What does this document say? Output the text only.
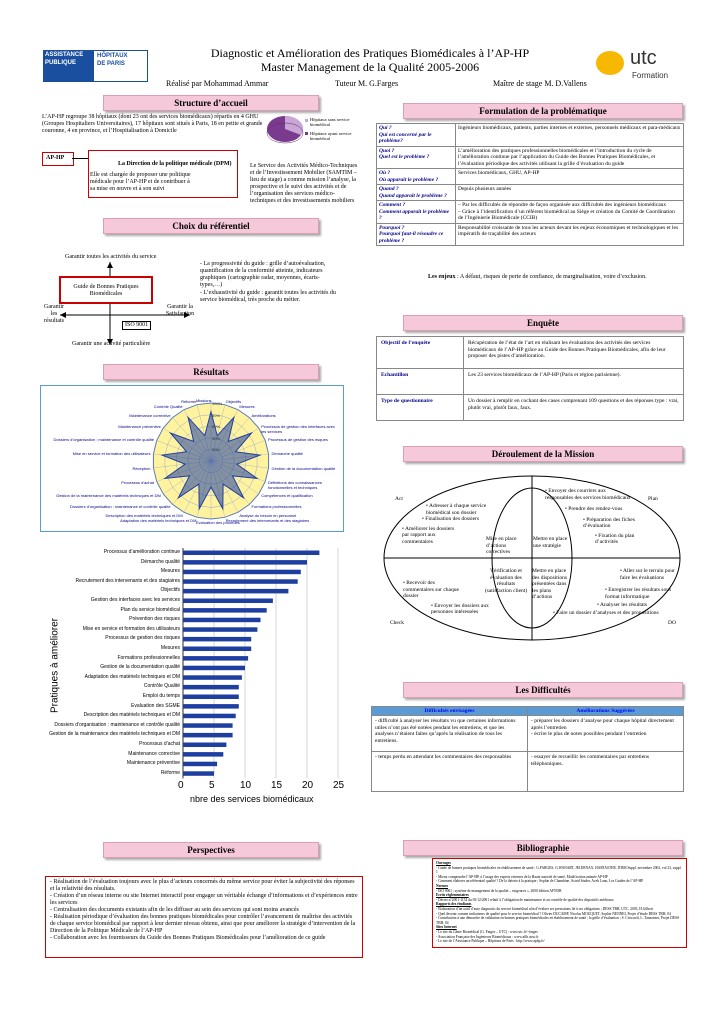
ASSISTANCE
PUBLIQUE
HÔPITAUX
DE PARIS	utc
Formation
Diagnostic et Amélioration des Pratiques Biomédicales à l’AP-HP
Master Management de la Qualité 2005-2006
Réalisé par Mohammad Ammar	Tuteur M. G.Farges	Maître de stage M. D.Vallens
Structure d’accueil
L’AP-HP regroupe 38 hôpitaux (dont 23 ont des services biomédicaux) répartis en 4 GHU (Groupes Hospitaliers Universitaires), 17 hôpitaux sont situés à Paris, 18 en petite et grande couronne, 4 en province, et l’Hospitalisation à Domicile
Hôpitaux sans service biomédical
Hôpitaux ayant service biomédical
AP-HP
La Direction de la politique médicale (DPM)
Elle est chargée de proposer une politique médicale pour l’AP-HP et de contribuer à sa mise en œuvre et à son suivi
Le Service des Activités Médico-Techniques et de l’Investissement Mobilier (SAMTIM – lieu de stage) a comme mission l’analyse, la prospective et le suivi des activités et de l’organisation des services médico-techniques et des investissements mobiliers
Choix du référentiel
Garantir toutes les activités du service
Guide de Bonnes Pratiques Biomédicales
Garantir les résultats
Garantir la Satisfaction
Garantir une activité particulière
ISO 9001
- La progressivité du guide : grille d’autoévaluation, quantification de la conformité atteinte, indicateurs graphiques (cartographie radar, moyennes, écarts-types,…)
- L’exhaustivité du guide : garantit toutes les activités du service biomédical, très proche du métier.
Résultats
20%
40%
60%
80%
100%
Missions	Objectifs
Mesures
Améliorations
Processus de gestion des interfaces avec les services
Processus de gestion des risques
Démarche qualité
Gestion de la documentation qualité
Définitions des connaissances fonctionnelles et techniques
Compétences et qualification
Formations professionnelles
Analyse du besoin en personnel
Recrutement des intervenants et des stagiaires
Evaluation des procédés
Adaptation des matériels techniques et DM
Description des matériels techniques et DM
Dossiers d’organisation : maintenance et contrôle qualité
Gestion de la maintenance des matériels techniques et DM
Processus d’achat
Réception
Mise en service et formation des utilisateurs
Dossiers d’organisation : maintenance et contrôle qualité
Maintenance préventive
Maintenance corrective
Contrôle Qualité
Réforme
Pratiques à améliorer
Processus d’amélioration continue
Démarche qualité
Mesures
Recrutement des intervenants et des stagiaires
Objectifs
Gestion des interfaces avec les services
Plan du service biomédical
Prévention des risques
Mise en service et formation des utilisateurs
Processus de gestion des risques
Mesures
Formations professionnelles
Gestion de la documentation qualité
Adaptation des matériels techniques et DM
Contrôle Qualité
Emploi du temps
Evaluation des SGME
Description des matériels techniques et DM
Dossiers d’organisation : maintenance et contrôle qualité
Gestion de la maintenance des matériels techniques et DM
Processus d’achat
Maintenance corrective
Maintenance préventive
Réforme
0	5	10 15 20 25
nbre des services biomédicaux
Perspectives
- Réalisation de l’évaluation toujours avec le plus d’acteurs concernés du même service pour éviter la subjectivité des réponses et la relativité des résultats.
- Création d’un réseau interne ou site Internet interactif pour engager un véritable échange d’informations et d’expériences entre les services
- Centralisation des documents existants afin de les diffuser au sein des services qui sont moins avancés
- Réalisation périodique d’évaluation des bonnes pratiques biomédicales pour contrôler l’avancement de maîtrise des activités de chaque service biomédical par rapport à leur dernier niveau obtenu, ainsi que pour améliorer la stratégie d’intervention de la Direction de la Politique Médicale de l’AP-HP
- Collaboration avec les fournisseurs du Guide des Bonnes Pratiques Biomédicales pour l’amélioration de ce guide
Formulation de la problématique
Qui ?
Qui est concerné par le problème?	Ingénieurs biomédicaux, patients, parties internes et externes, personnels médicaux et para-médicaux
Quoi ?
Quel est le problème ?	L’amélioration des pratiques professionnelles biomédicales et l’introduction du cycle de l’amélioration continue par l’application du Guide des Bonnes Pratiques Biomédicales, et l’évaluation périodique des activités utilisant la grille d’évaluation du guide
Où ?
Où apparaît le problème ?	Services biomédicaux, GHU, AP-HP
Quand ?
Quand apparaît le problème ?	Depuis plusieurs années
Comment ?
Comment apparaît le problème ?	– Par les difficultés de répondre de façon organisée aux difficultés des ingénieurs biomédicaux
– Grâce à l’identification d’un référent biomédical au Siège et création du Comité de Coordination de l’Ingénierie Biomédicale (CCIB)
Pourquoi ?
Pourquoi faut-il résoudre ce problème ?	Responsabilité croissante de tous les acteurs devant les enjeux économiques et technologiques et les impératifs de traçabilité des acteurs
Les enjeux : A défaut, risques de perte de confiance, de marginalisation, voire d’exclusion.
Enquête
Objectif de l’enquête	Récupération de l’état de l’art en réalisant les évaluations des activités des services biomédicaux de l’AP-HP grâce au Guide des Bonnes Pratiques Biomédicales, afin de leur proposer des pistes d’amélioration.
Echantillon	Les 23 services biomédicaux de l’AP-HP (Paris et région parisienne).
Type de questionnaire	Un dossier à remplir en cochant des cases comprenant 109 questions et des réponses type : vrai, plutôt vrai, plutôt faux, faux.
Déroulement de la Mission
Act	Plan
Check	DO
• Adresser à chaque service biomédical son dossier
• Finalisation des dossiers
• Améliorer les dossiers par rapport aux commentaires
• Envoyer des courriers aux responsables des services biomédicaux
• Prendre des rendez-vous
• Préparation des fiches d’évaluation
• Fixation du plan d’activités
• Recevoir des commentaires sur chaque dossier
• Envoyer les dossiers aux personnes intéressées
• Aller sur le terrain pour faire les évaluations
• Enregistrer les résultats sous format informatique
• Analyser les résultats
• Faire un dossier d’analyses et des propositions
Mise en place d’actions correctives
Mettre en place une stratégie
Vérification et évaluation des résultats (satisfaction client)
Mettre en place des dispositions présentées dans les plans d’actions
Les Difficultés
Difficultés envisagées	Améliorations Suggérées
- difficulté à analyser les résultats vu que certaines informations utiles n’ont pas été notées pendant les entretiens, et que les analyses n’étaient faites qu’après la réalisation de tous les entretiens.	- préparer les dossiers d’analyse pour chaque hôpital directement après l’entretien
- écrire le plus de notes possibles pendant l’entretien
- temps perdu en attendant les commentaires des responsables	- essayer de recueillir les commentaires par entretiens téléphoniques.
Bibliographie
Ouvrages
- Guide de bonnes pratiques biomédicales en établissement de santé ; G.FARGES, G.WANART, JM.DENAX, HARTASTER, ITBM Suppl. novembre 2002, vol 23, suppl. 1
- Mieux comprendre l’AP-HP, à l’usage des experts externes de la Haute autorité de santé, Modification animée AP-HP
- Comment élaborer un référentiel qualité ? De la théorie à la pratique ; Sophie de Chambine, Astrid Studer, Aceb Lano, Les Guides de l’AP-HP
Normes
- ISO 9001 ; système de management de la qualité – exigences », 2000 édition AFNOR
Ecrits réglementaires
- Décret n°2001-1154 du 05/12/2001 relatif à l’obligation de maintenance et au contrôle de qualité des dispositifs médicaux
Rapports des étudiants
- Elaboration d’un outil d’auto diagnostic du service biomédical afin d’évaluer ses prestations lié à ses obligations ; DESS TBH, UTC, 2003, H.Gilbert
- Quel devenir comme indicateurs de qualité pour le service biomédical ? Olivier DUCAMP, Nicolas MOUQUET, Sophie NENNEI, Projet d’étude DESS TBH, 04
- Contribution à une démarche de validation en bonnes pratiques biomédicales en établissement de santé ; la grille d’évaluation ; S. Criscuoli, L. Tanzonezi, Projet DESS TBH, 04
Sites Internet
- Le site du Génie Biomédical (G. Farges – UTC) : www.utc.fr/~farges
- Association Française des Ingénieurs Biomédicaux : www.afib.asso.fr
- Le site de l’Assistance Publique – Hôpitaux de Paris : http://www.aphp.fr/
